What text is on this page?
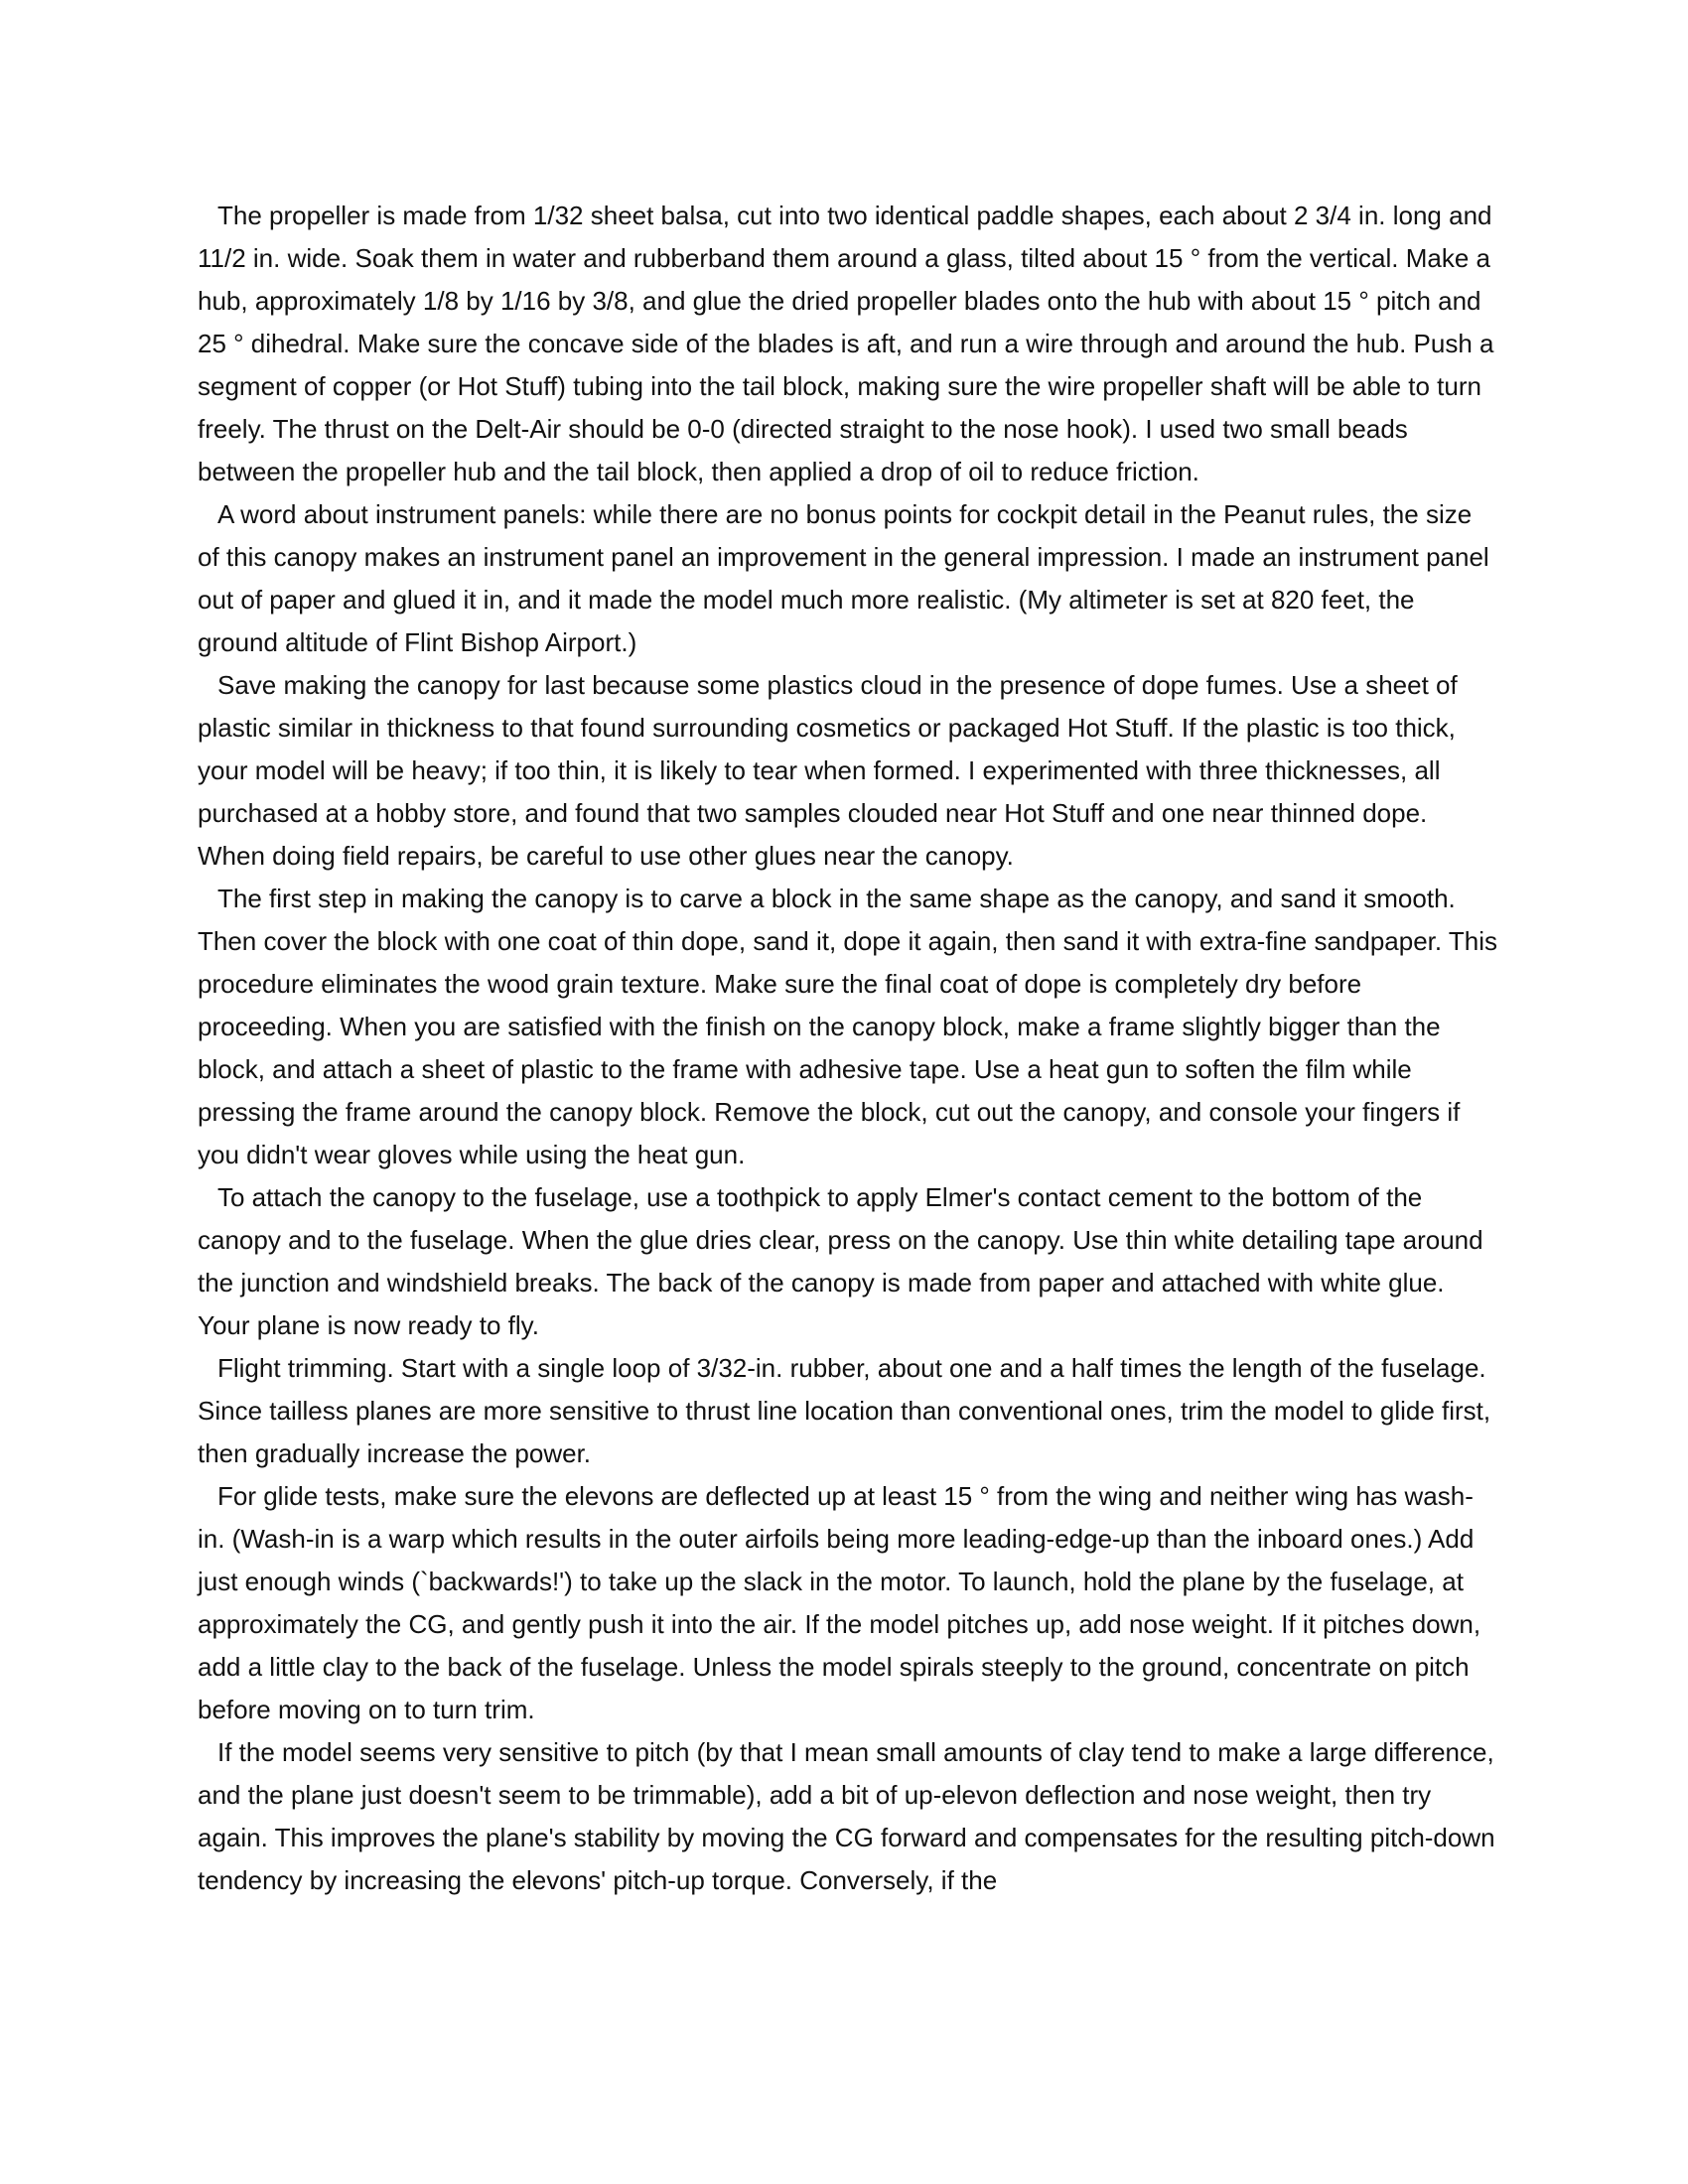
The propeller is made from 1/32 sheet balsa, cut into two identical paddle shapes, each about 2 3/4 in. long and 11/2 in. wide. Soak them in water and rubberband them around a glass, tilted about 15 ° from the vertical. Make a hub, approximately 1/8 by 1/16 by 3/8, and glue the dried propeller blades onto the hub with about 15 ° pitch and 25 ° dihedral. Make sure the concave side of the blades is aft, and run a wire through and around the hub. Push a segment of copper (or Hot Stuff) tubing into the tail block, making sure the wire propeller shaft will be able to turn freely. The thrust on the Delt-Air should be 0-0 (directed straight to the nose hook). I used two small beads between the propeller hub and the tail block, then applied a drop of oil to reduce friction.

A word about instrument panels: while there are no bonus points for cockpit detail in the Peanut rules, the size of this canopy makes an instrument panel an improvement in the general impression. I made an instrument panel out of paper and glued it in, and it made the model much more realistic. (My altimeter is set at 820 feet, the ground altitude of Flint Bishop Airport.)

Save making the canopy for last because some plastics cloud in the presence of dope fumes. Use a sheet of plastic similar in thickness to that found surrounding cosmetics or packaged Hot Stuff. If the plastic is too thick, your model will be heavy; if too thin, it is likely to tear when formed. I experimented with three thicknesses, all purchased at a hobby store, and found that two samples clouded near Hot Stuff and one near thinned dope. When doing field repairs, be careful to use other glues near the canopy.

The first step in making the canopy is to carve a block in the same shape as the canopy, and sand it smooth. Then cover the block with one coat of thin dope, sand it, dope it again, then sand it with extra-fine sandpaper. This procedure eliminates the wood grain texture. Make sure the final coat of dope is completely dry before proceeding. When you are satisfied with the finish on the canopy block, make a frame slightly bigger than the block, and attach a sheet of plastic to the frame with adhesive tape. Use a heat gun to soften the film while pressing the frame around the canopy block. Remove the block, cut out the canopy, and console your fingers if you didn't wear gloves while using the heat gun.

To attach the canopy to the fuselage, use a toothpick to apply Elmer's contact cement to the bottom of the canopy and to the fuselage. When the glue dries clear, press on the canopy. Use thin white detailing tape around the junction and windshield breaks. The back of the canopy is made from paper and attached with white glue. Your plane is now ready to fly.

Flight trimming. Start with a single loop of 3/32-in. rubber, about one and a half times the length of the fuselage. Since tailless planes are more sensitive to thrust line location than conventional ones, trim the model to glide first, then gradually increase the power.

For glide tests, make sure the elevons are deflected up at least 15 ° from the wing and neither wing has wash-in. (Wash-in is a warp which results in the outer airfoils being more leading-edge-up than the inboard ones.) Add just enough winds (`backwards!') to take up the slack in the motor. To launch, hold the plane by the fuselage, at approximately the CG, and gently push it into the air. If the model pitches up, add nose weight. If it pitches down, add a little clay to the back of the fuselage. Unless the model spirals steeply to the ground, concentrate on pitch before moving on to turn trim.

If the model seems very sensitive to pitch (by that I mean small amounts of clay tend to make a large difference, and the plane just doesn't seem to be trimmable), add a bit of up-elevon deflection and nose weight, then try again. This improves the plane's stability by moving the CG forward and compensates for the resulting pitch-down tendency by increasing the elevons' pitch-up torque. Conversely, if the
